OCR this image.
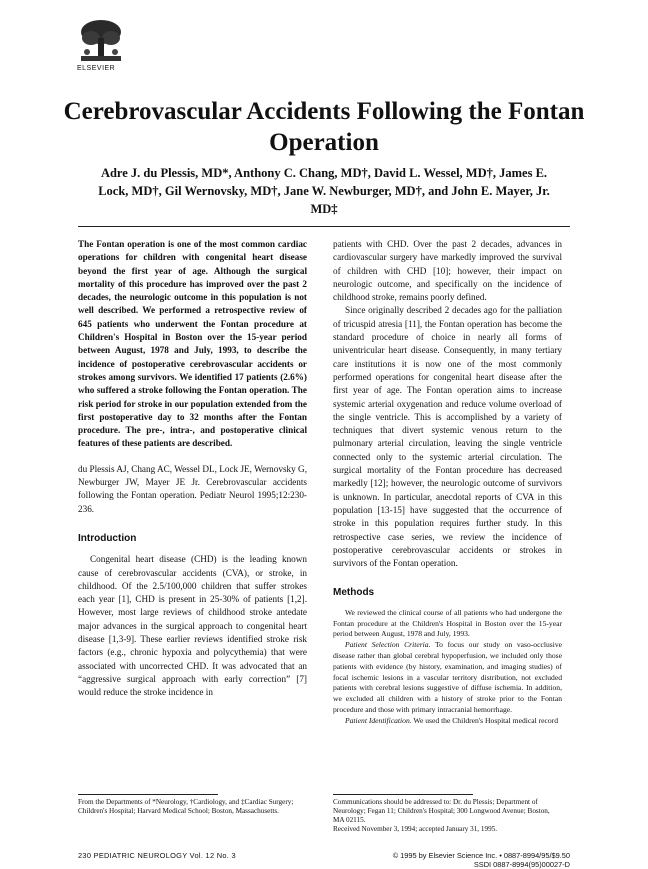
ELSEVIER
Cerebrovascular Accidents Following the Fontan Operation
Adre J. du Plessis, MD*, Anthony C. Chang, MD†, David L. Wessel, MD†, James E. Lock, MD†, Gil Wernovsky, MD†, Jane W. Newburger, MD†, and John E. Mayer, Jr. MD‡

The Fontan operation is one of the most common cardiac operations for children with congenital heart disease beyond the first year of age. Although the surgical mortality of this procedure has improved over the past 2 decades, the neurologic outcome in this population is not well described. We performed a retrospective review of 645 patients who underwent the Fontan procedure at Children's Hospital in Boston over the 15-year period between August, 1978 and July, 1993, to describe the incidence of postoperative cerebrovascular accidents or strokes among survivors. We identified 17 patients (2.6%) who suffered a stroke following the Fontan operation. The risk period for stroke in our population extended from the first postoperative day to 32 months after the Fontan procedure. The pre-, intra-, and postoperative clinical features of these patients are described.

du Plessis AJ, Chang AC, Wessel DL, Lock JE, Wernovsky G, Newburger JW, Mayer JE Jr. Cerebrovascular accidents following the Fontan operation. Pediatr Neurol 1995;12:230-236.

Introduction

Congenital heart disease (CHD) is the leading known cause of cerebrovascular accidents (CVA), or stroke, in childhood. Of the 2.5/100,000 children that suffer strokes each year [1], CHD is present in 25-30% of patients [1,2]. However, most large reviews of childhood stroke antedate major advances in the surgical approach to congenital heart disease [1,3-9]. These earlier reviews identified stroke risk factors (e.g., chronic hypoxia and polycythemia) that were associated with uncorrected CHD. It was advocated that an “aggressive surgical approach with early correction” [7] would reduce the stroke incidence in

patients with CHD. Over the past 2 decades, advances in cardiovascular surgery have markedly improved the survival of children with CHD [10]; however, their impact on neurologic outcome, and specifically on the incidence of childhood stroke, remains poorly defined.

Since originally described 2 decades ago for the palliation of tricuspid atresia [11], the Fontan operation has become the standard procedure of choice in nearly all forms of univentricular heart disease. Consequently, in many tertiary care institutions it is now one of the most commonly performed operations for congenital heart disease after the first year of age. The Fontan operation aims to increase systemic arterial oxygenation and reduce volume overload of the single ventricle. This is accomplished by a variety of techniques that divert systemic venous return to the pulmonary arterial circulation, leaving the single ventricle connected only to the systemic arterial circulation. The surgical mortality of the Fontan procedure has decreased markedly [12]; however, the neurologic outcome of survivors is unknown. In particular, anecdotal reports of CVA in this population [13-15] have suggested that the occurrence of stroke in this population requires further study. In this retrospective case series, we review the incidence of postoperative cerebrovascular accidents or strokes in survivors of the Fontan operation.

Methods

We reviewed the clinical course of all patients who had undergone the Fontan procedure at the Children's Hospital in Boston over the 15-year period between August, 1978 and July, 1993.

Patient Selection Criteria. To focus our study on vaso-occlusive disease rather than global cerebral hypoperfusion, we included only those patients with evidence (by history, examination, and imaging studies) of focal ischemic lesions in a vascular territory distribution, not excluded patients with cerebral lesions suggestive of diffuse ischemia. In addition, we excluded all children with a history of stroke prior to the Fontan procedure and those with primary intracranial hemorrhage.

Patient Identification. We used the Children's Hospital medical record

From the Departments of *Neurology, †Cardiology, and ‡Cardiac Surgery; Children's Hospital; Harvard Medical School; Boston, Massachusetts.

Communications should be addressed to: Dr. du Plessis; Department of Neurology; Fegan 11; Children's Hospital; 300 Longwood Avenue; Boston, MA 02115.

Received November 3, 1994; accepted January 31, 1995.

230 PEDIATRIC NEUROLOGY Vol. 12 No. 3	© 1995 by Elsevier Science Inc. • 0887-8994/95/$9.50
SSDI 0887-8994(95)00027-D
